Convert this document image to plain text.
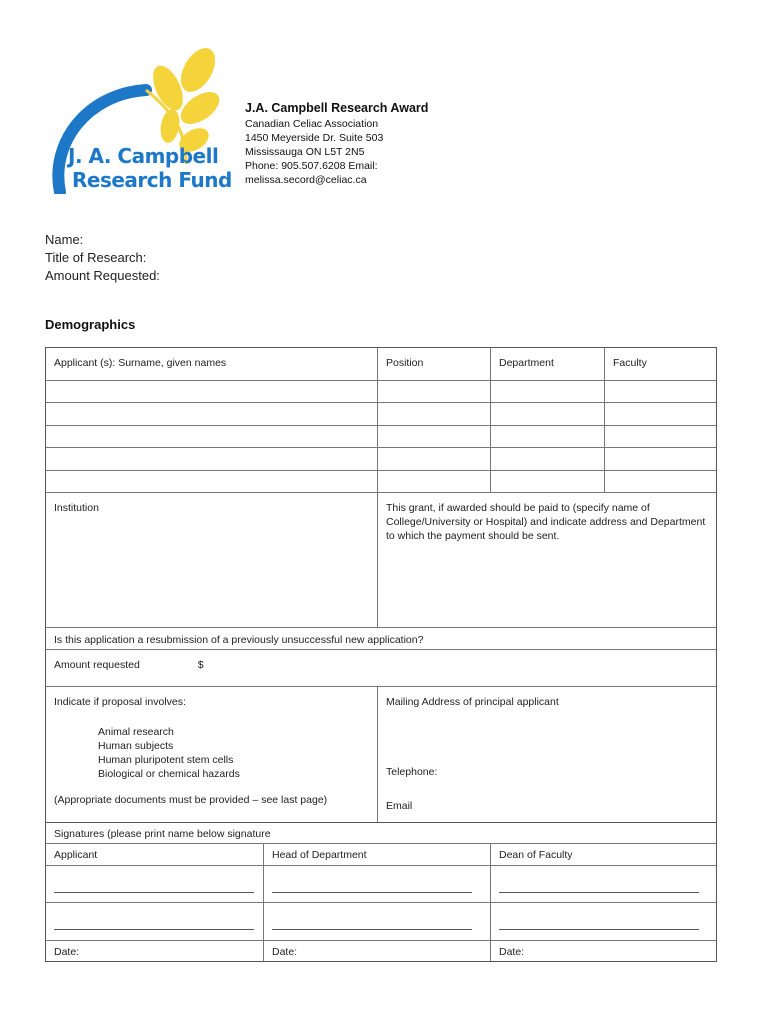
J. A. Campbell
Research Fund
J.A. Campbell Research Award
Canadian Celiac Association
1450 Meyerside Dr. Suite 503
Mississauga ON L5T 2N5
Phone: 905.507.6208 Email:
melissa.secord@celiac.ca
Name:
Title of Research:
Amount Requested:
Demographics
Applicant (s): Surname, given names	Position	Department	Faculty
Institution	This grant, if awarded should be paid to (specify name of College/University or Hospital) and indicate address and Department to which the payment should be sent.
Is this application a resubmission of a previously unsuccessful new application?
Amount requested	$
Indicate if proposal involves:
Animal research
Human subjects
Human pluripotent stem cells
Biological or chemical hazards
(Appropriate documents must be provided – see last page)
Mailing Address of principal applicant
Telephone:
Email
Signatures (please print name below signature
Applicant	Head of Department	Dean of Faculty
Date:	Date:	Date:
